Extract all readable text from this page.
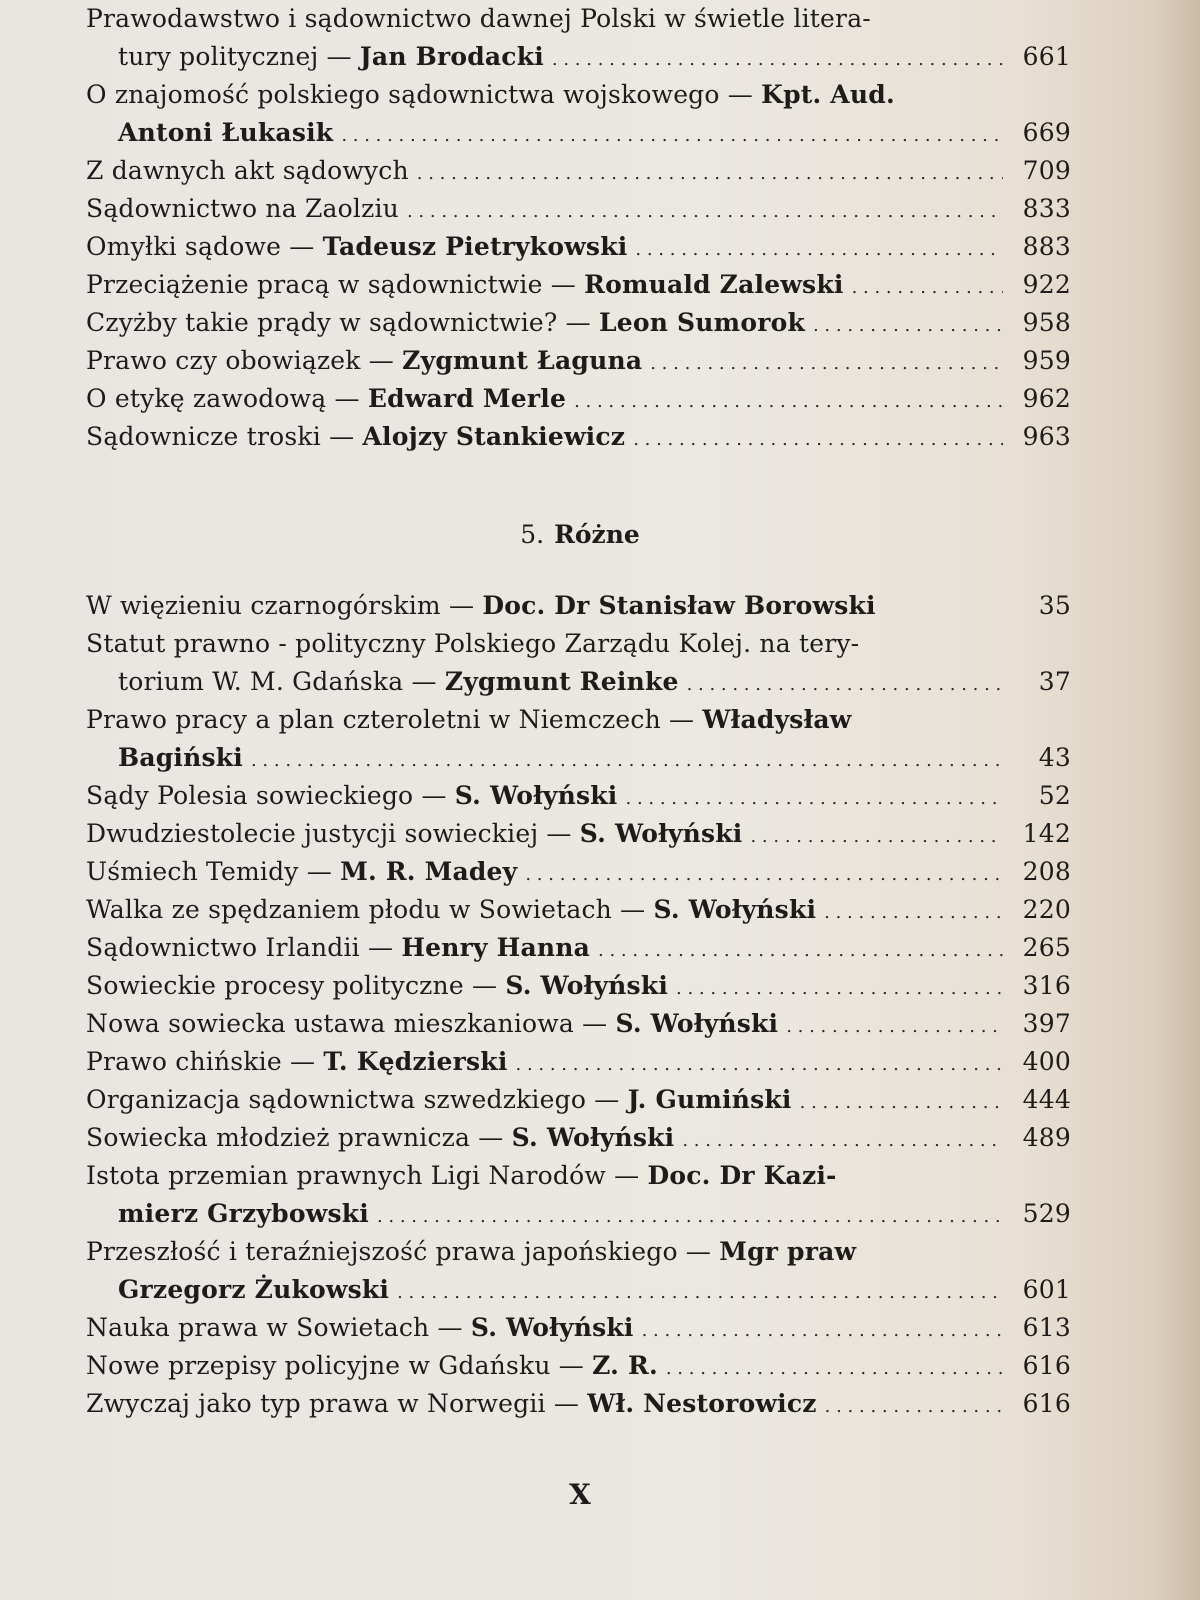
Prawodawstwo i sądownictwo dawnej Polski w świetle litera-
tury politycznej — Jan Brodacki . . .	661
O znajomość polskiego sądownictwa wojskowego — Kpt. Aud.
Antoni Łukasik . . .	669
Z dawnych akt sądowych . . .	709
Sądownictwo na Zaolziu . . .	833
Omyłki sądowe — Tadeusz Pietrykowski . . .	883
Przeciążenie pracą w sądownictwie — Romuald Zalewski . . .	922
Czyżby takie prądy w sądownictwie? — Leon Sumorok . . .	958
Prawo czy obowiązek — Zygmunt Łaguna . . .	959
O etykę zawodową — Edward Merle . . .	962
Sądownicze troski — Alojzy Stankiewicz . . .	963
5. Różne
W więzieniu czarnogórskim — Doc. Dr Stanisław Borowski	35
Statut prawno - polityczny Polskiego Zarządu Kolej. na tery-
torium W. M. Gdańska — Zygmunt Reinke . . .	37
Prawo pracy a plan czteroletni w Niemczech — Władysław
Bagiński . . .	43
Sądy Polesia sowieckiego — S. Wołyński . . .	52
Dwudziestolecie justycji sowieckiej — S. Wołyński . . .	142
Uśmiech Temidy — M. R. Madey . . .	208
Walka ze spędzaniem płodu w Sowietach — S. Wołyński . . .	220
Sądownictwo Irlandii — Henry Hanna . . .	265
Sowieckie procesy polityczne — S. Wołyński . . .	316
Nowa sowiecka ustawa mieszkaniowa — S. Wołyński . . .	397
Prawo chińskie — T. Kędzierski . . .	400
Organizacja sądownictwa szwedzkiego — J. Gumiński . . .	444
Sowiecka młodzież prawnicza — S. Wołyński . . .	489
Istota przemian prawnych Ligi Narodów — Doc. Dr Kazi-
mierz Grzybowski . . .	529
Przeszłość i teraźniejszość prawa japońskiego — Mgr praw
Grzegorz Żukowski . . .	601
Nauka prawa w Sowietach — S. Wołyński . . .	613
Nowe przepisy policyjne w Gdańsku — Z. R. . . .	616
Zwyczaj jako typ prawa w Norwegii — Wł. Nestorowicz . . .	616
X
